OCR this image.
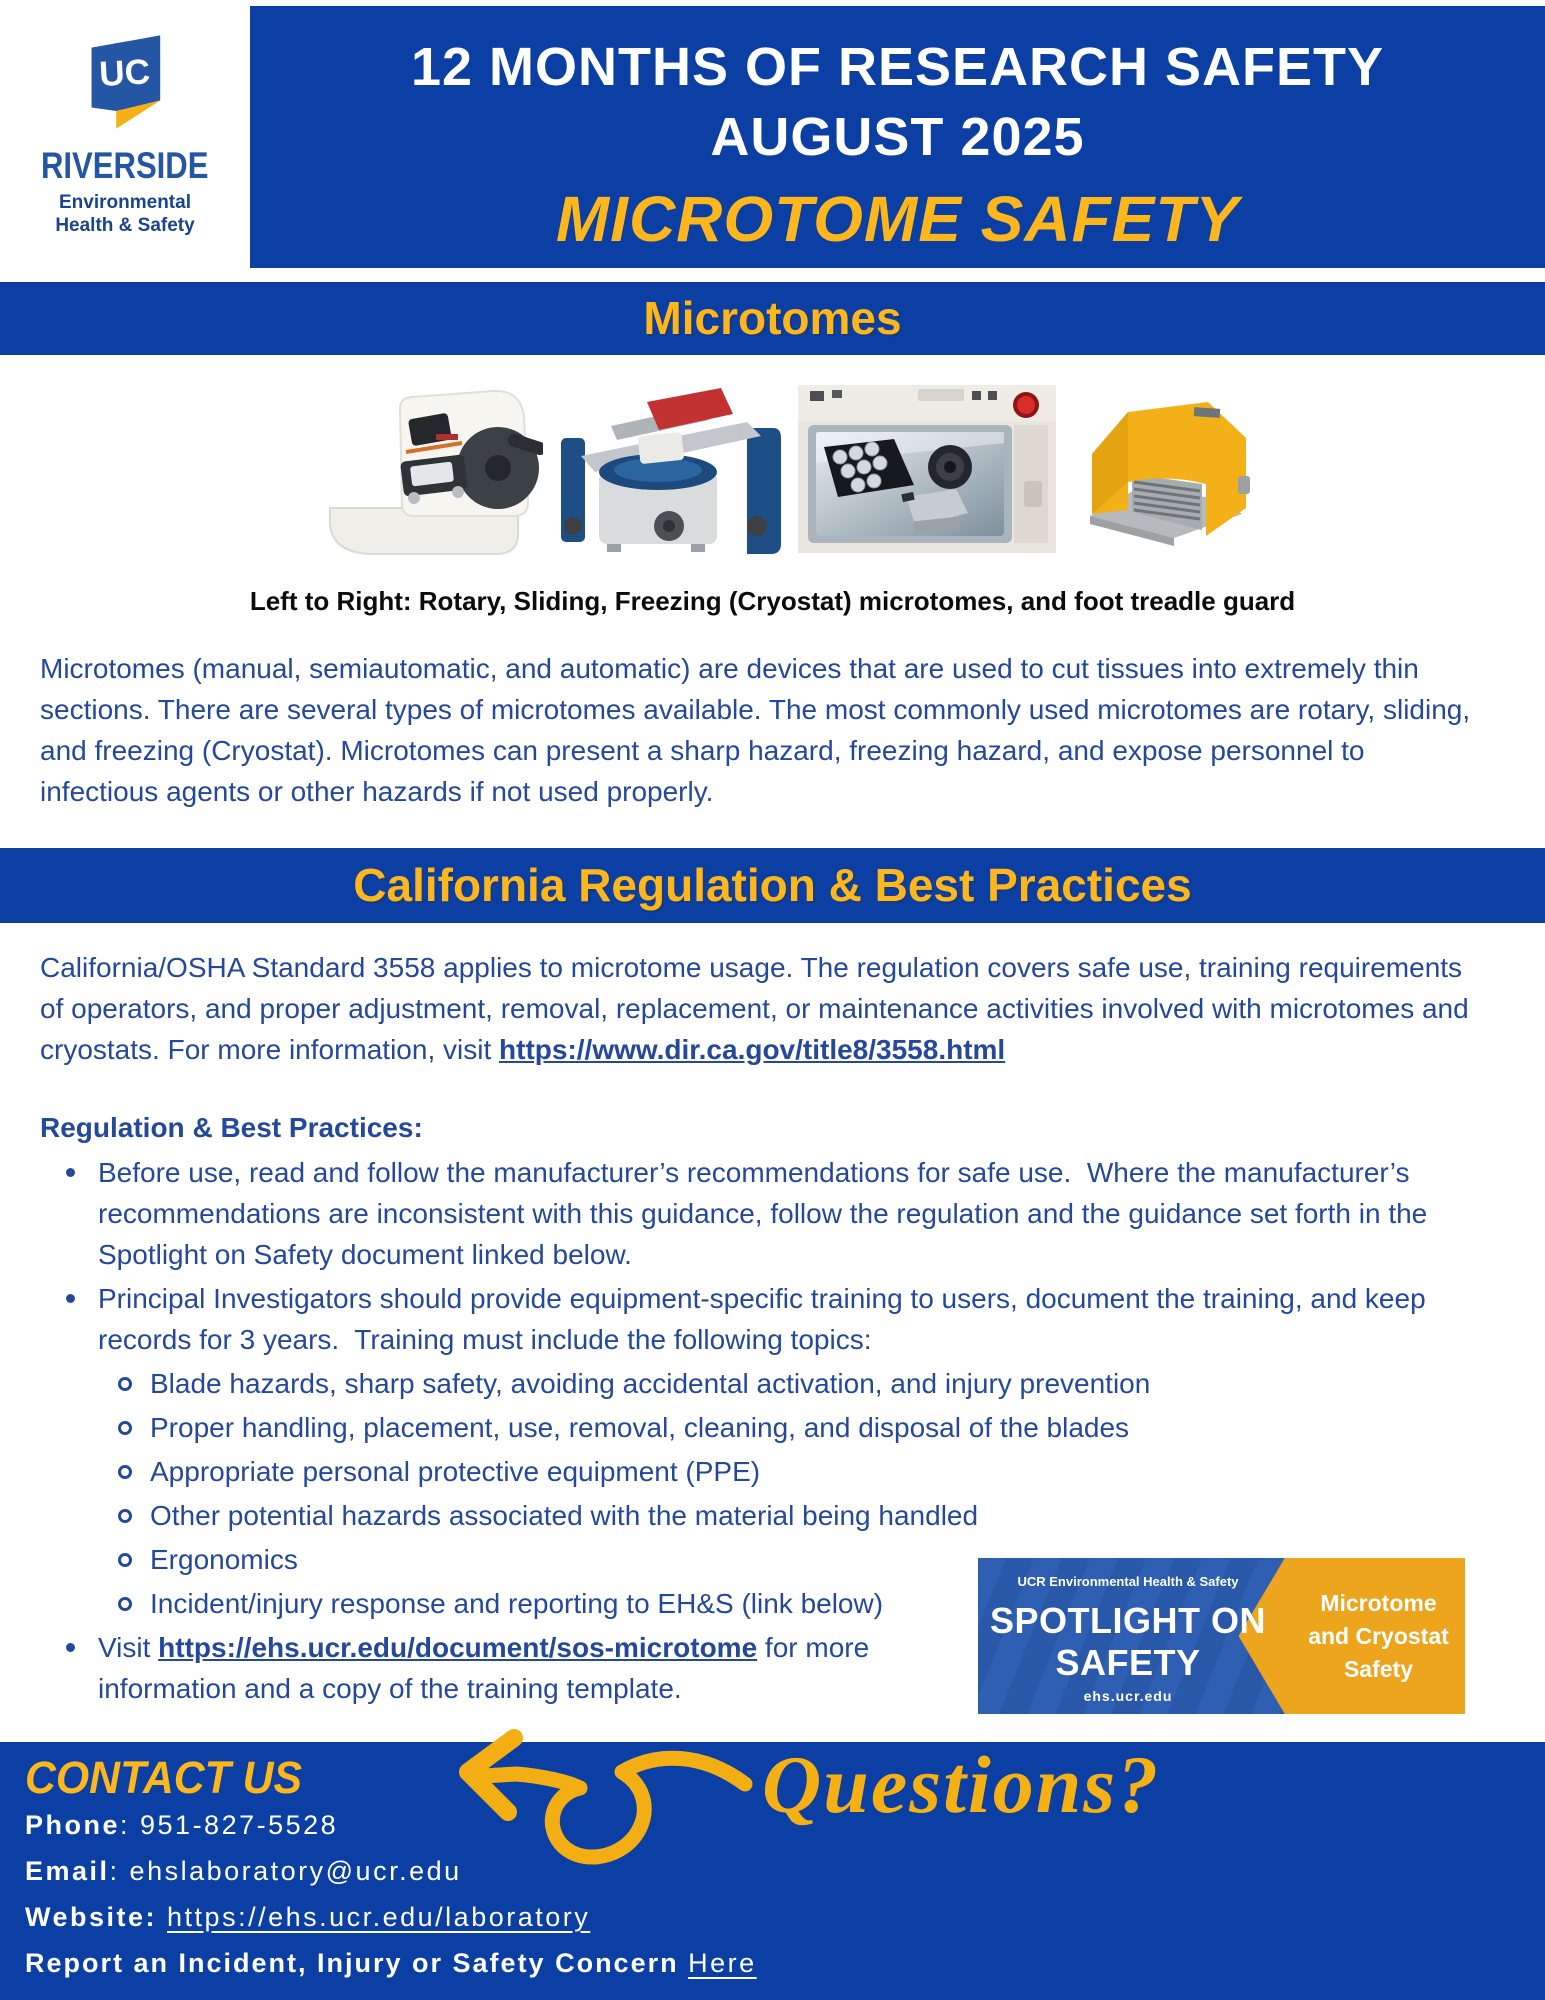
UC
RIVERSIDE
Environmental
Health & Safety
12 MONTHS OF RESEARCH SAFETY
AUGUST 2025
MICROTOME SAFETY
Microtomes
Left to Right: Rotary, Sliding, Freezing (Cryostat) microtomes, and foot treadle guard

Microtomes (manual, semiautomatic, and automatic) are devices that are used to cut tissues into extremely thin sections. There are several types of microtomes available. The most commonly used microtomes are rotary, sliding, and freezing (Cryostat). Microtomes can present a sharp hazard, freezing hazard, and expose personnel to infectious agents or other hazards if not used properly.

California Regulation & Best Practices

California/OSHA Standard 3558 applies to microtome usage. The regulation covers safe use, training requirements of operators, and proper adjustment, removal, replacement, or maintenance activities involved with microtomes and cryostats. For more information, visit https://www.dir.ca.gov/title8/3558.html

Regulation & Best Practices:
Before use, read and follow the manufacturer’s recommendations for safe use.  Where the manufacturer’s recommendations are inconsistent with this guidance, follow the regulation and the guidance set forth in the Spotlight on Safety document linked below.
Principal Investigators should provide equipment-specific training to users, document the training, and keep records for 3 years.  Training must include the following topics:
Blade hazards, sharp safety, avoiding accidental activation, and injury prevention
Proper handling, placement, use, removal, cleaning, and disposal of the blades
Appropriate personal protective equipment (PPE)
Other potential hazards associated with the material being handled
Ergonomics
Incident/injury response and reporting to EH&S (link below)
Visit https://ehs.ucr.edu/document/sos-microtome for more information and a copy of the training template.
UCR Environmental Health & Safety
SPOTLIGHT ON
SAFETY
ehs.ucr.edu
Microtome
and Cryostat
Safety
CONTACT US
Phone: 951-827-5528
Email: ehslaboratory@ucr.edu
Website: https://ehs.ucr.edu/laboratory
Report an Incident, Injury or Safety Concern Here
Questions?
